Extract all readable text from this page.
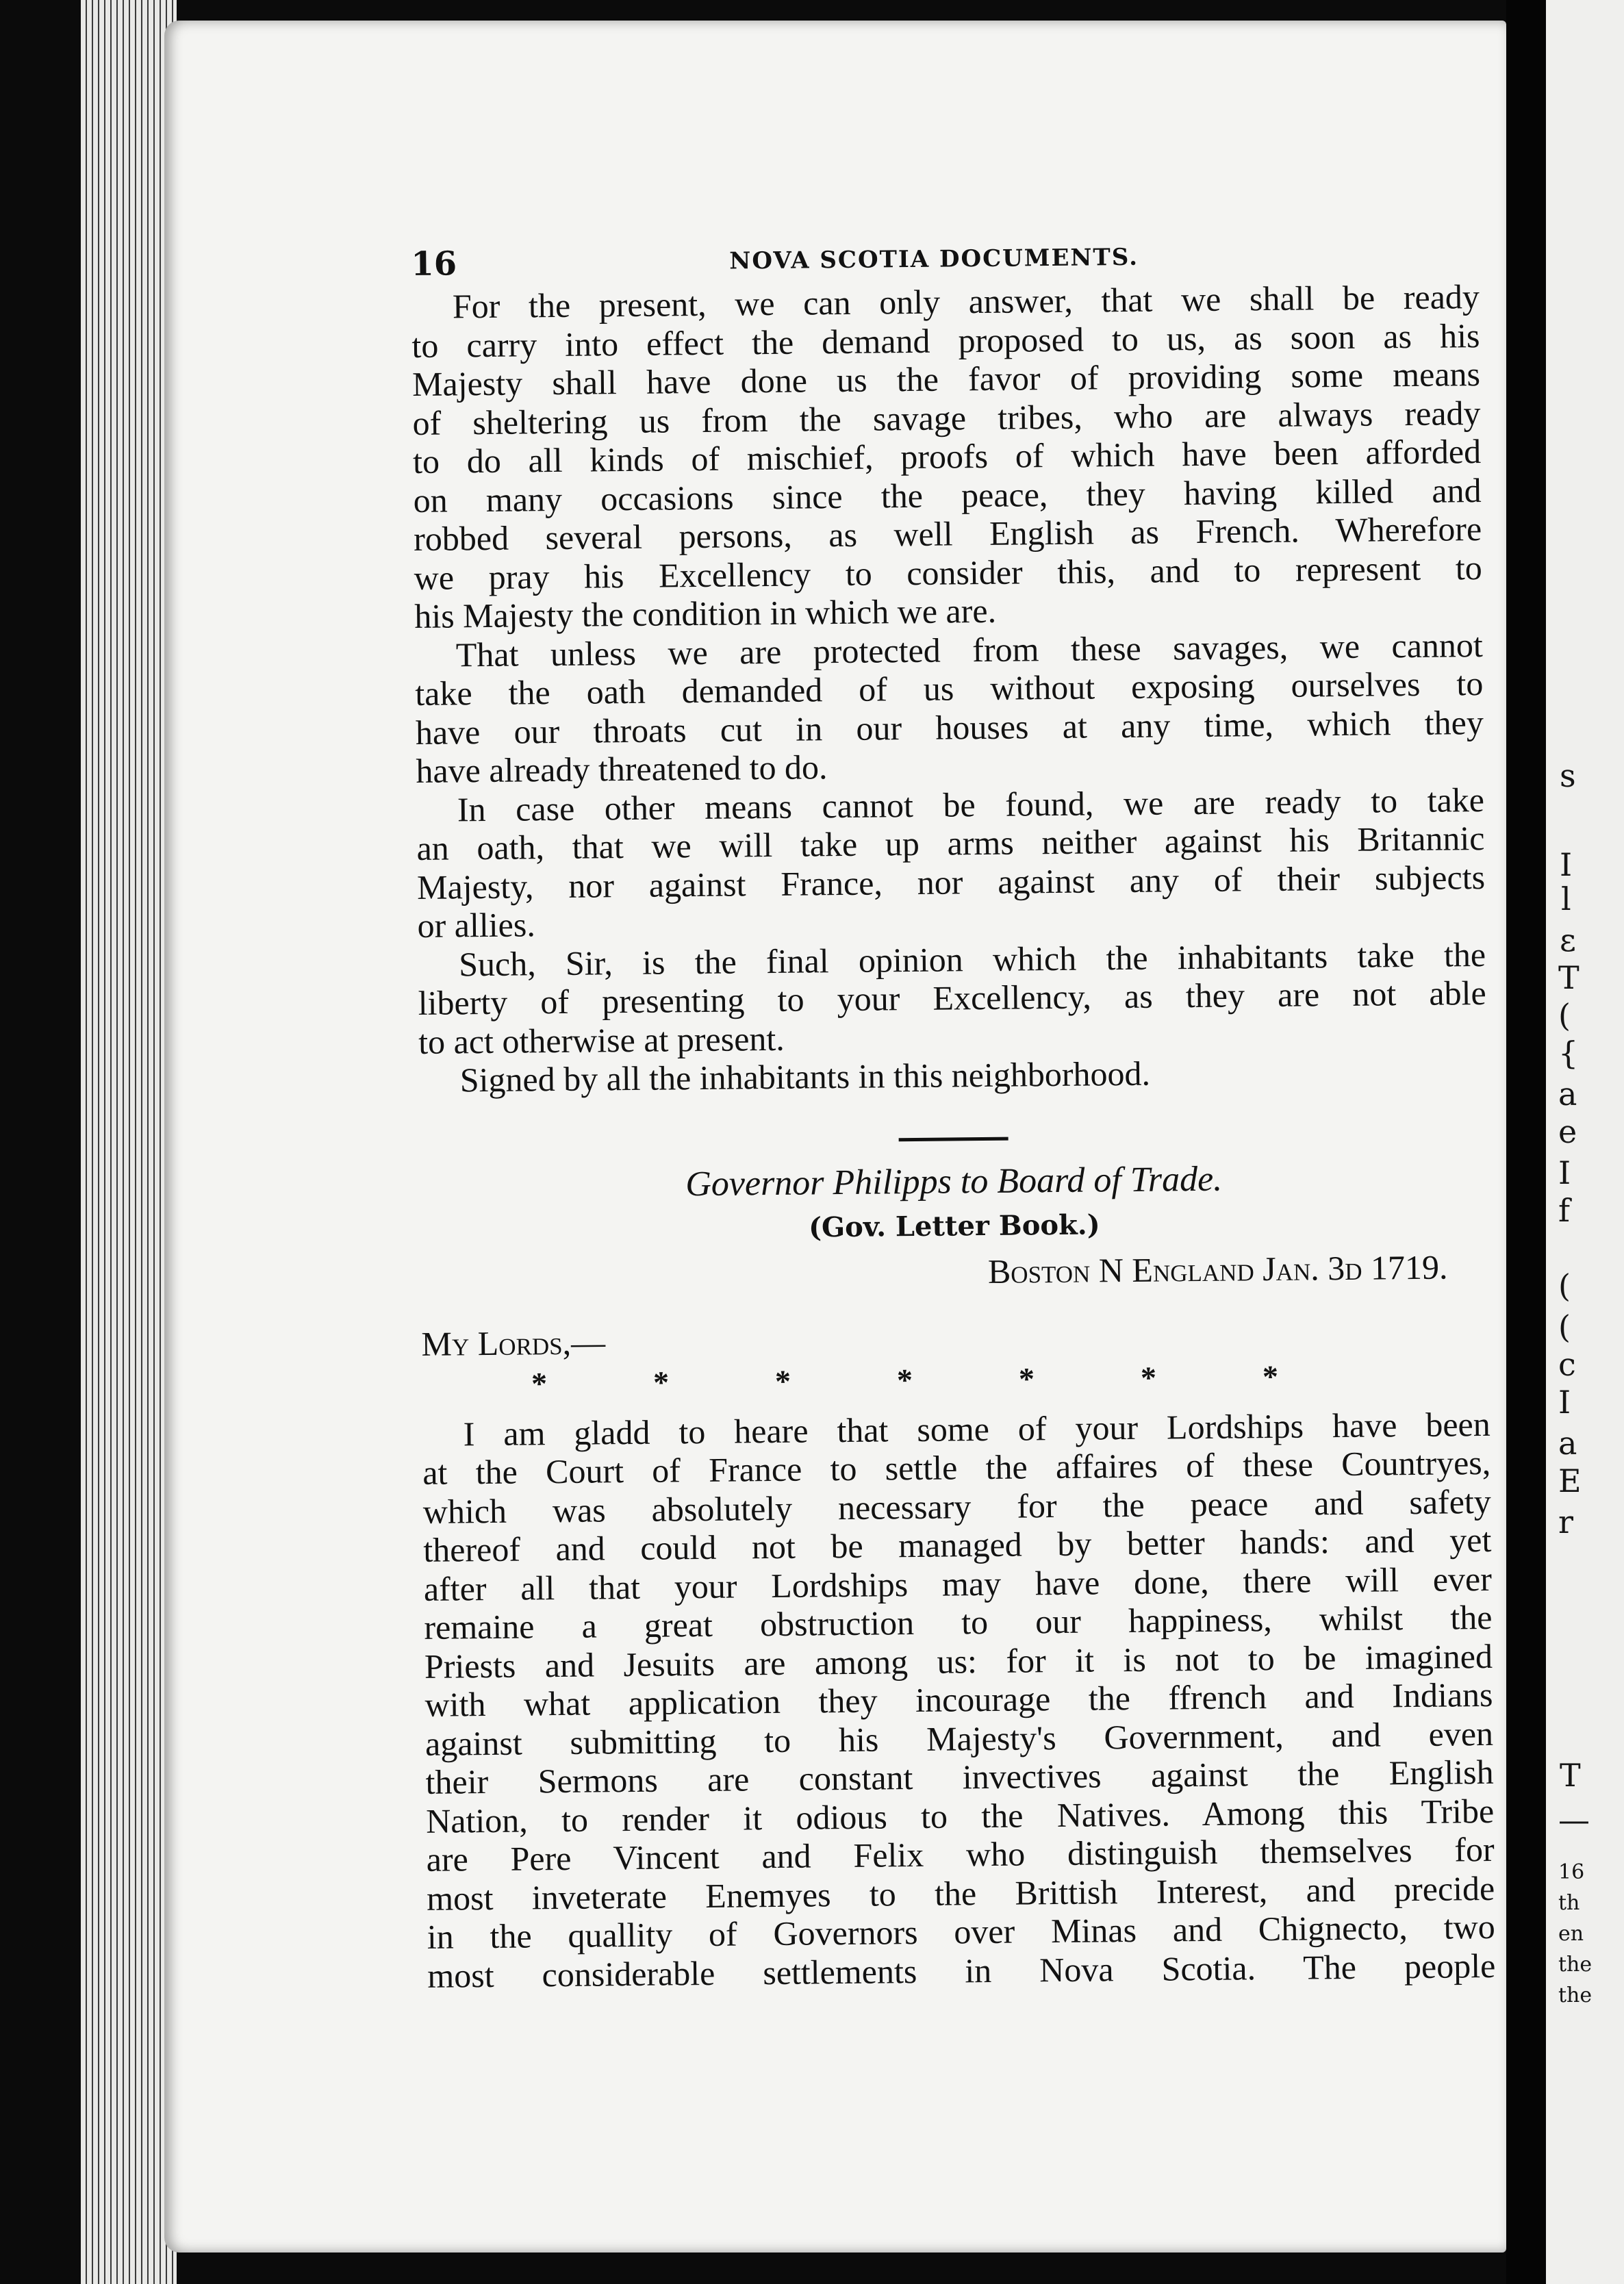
s
I
l
ε
T
(
{
a
e
I
f
(
(
c
I
a
E
r
T
—
16
th
en
the
the
16	NOVA SCOTIA DOCUMENTS.
For the present, we can only answer, that we shall be ready
to carry into effect the demand proposed to us, as soon as his
Majesty shall have done us the favor of providing some means
of sheltering us from the savage tribes, who are always ready
to do all kinds of mischief, proofs of which have been afforded
on many occasions since the peace, they having killed and
robbed several persons, as well English as French. Wherefore
we pray his Excellency to consider this, and to represent to
his Majesty the condition in which we are.
That unless we are protected from these savages, we cannot
take the oath demanded of us without exposing ourselves to
have our throats cut in our houses at any time, which they
have already threatened to do.
In case other means cannot be found, we are ready to take
an oath, that we will take up arms neither against his Britannic
Majesty, nor against France, nor against any of their subjects
or allies.
Such, Sir, is the final opinion which the inhabitants take the
liberty of presenting to your Excellency, as they are not able
to act otherwise at present.
Signed by all the inhabitants in this neighborhood.
Governor Philipps to Board of Trade.
(Gov. Letter Book.)
Boston N England Jan. 3d 1719.
My Lords,—
*	*	*	*	*	*	*
I am gladd to heare that some of your Lordships have been
at the Court of France to settle the affaires of these Countryes,
which was absolutely necessary for the peace and safety
thereof and could not be managed by better hands: and yet
after all that your Lordships may have done, there will ever
remaine a great obstruction to our happiness, whilst the
Priests and Jesuits are among us: for it is not to be imagined
with what application they incourage the ffrench and Indians
against submitting to his Majesty's Government, and even
their Sermons are constant invectives against the English
Nation, to render it odious to the Natives. Among this Tribe
are Pere Vincent and Felix who distinguish themselves for
most inveterate Enemyes to the Brittish Interest, and precide
in the quallity of Governors over Minas and Chignecto, two
most considerable settlements in Nova Scotia. The people
